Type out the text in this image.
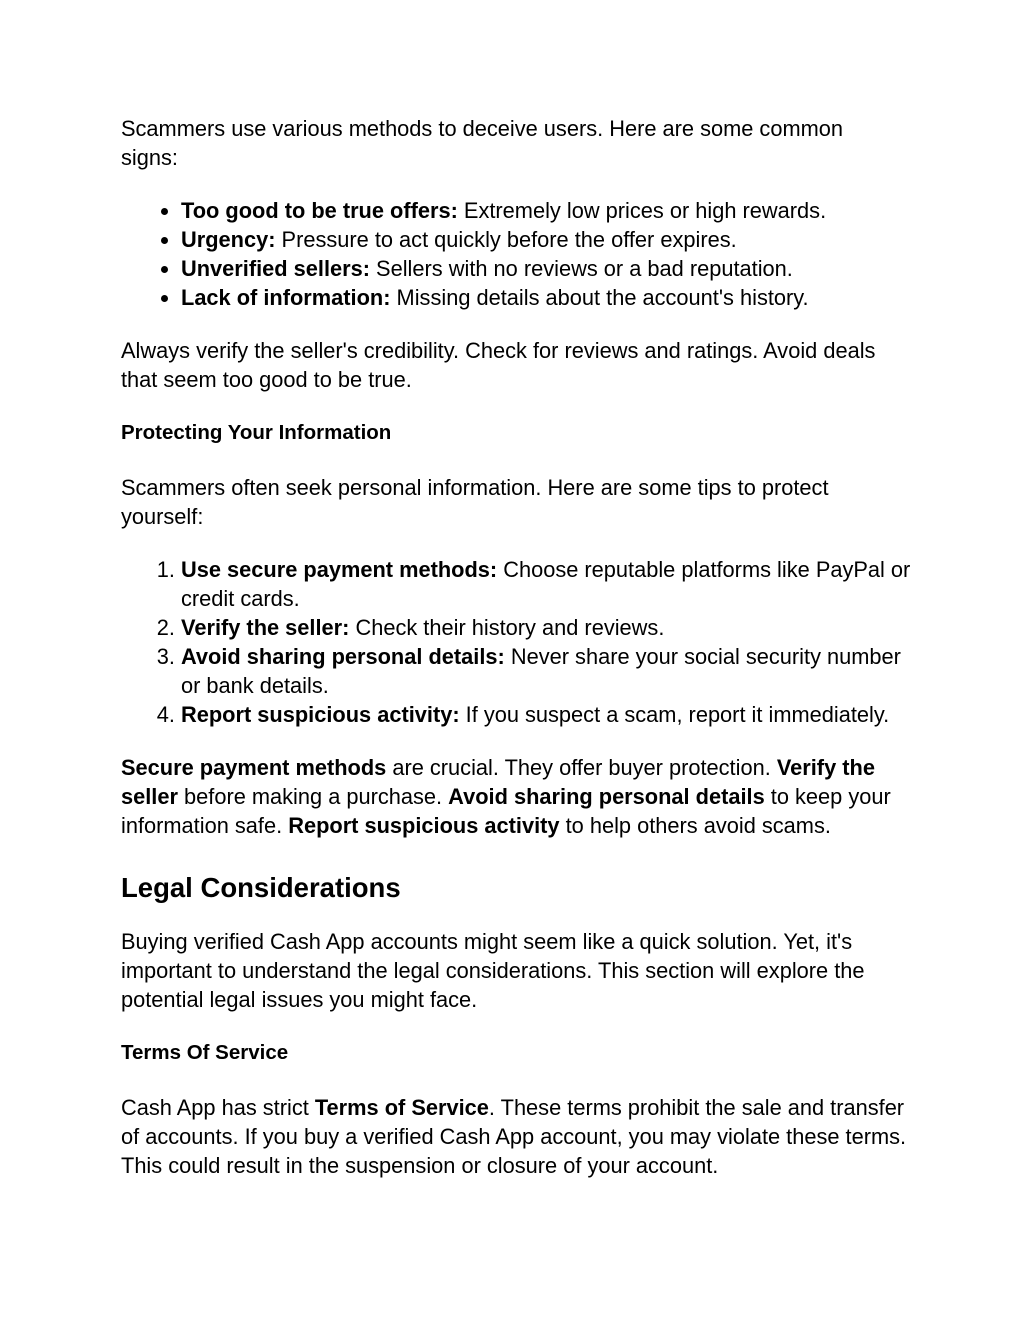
Scammers use various methods to deceive users. Here are some common signs:

• Too good to be true offers: Extremely low prices or high rewards.
• Urgency: Pressure to act quickly before the offer expires.
• Unverified sellers: Sellers with no reviews or a bad reputation.
• Lack of information: Missing details about the account's history.

Always verify the seller's credibility. Check for reviews and ratings. Avoid deals that seem too good to be true.

Protecting Your Information

Scammers often seek personal information. Here are some tips to protect yourself:

1. Use secure payment methods: Choose reputable platforms like PayPal or credit cards.
2. Verify the seller: Check their history and reviews.
3. Avoid sharing personal details: Never share your social security number or bank details.
4. Report suspicious activity: If you suspect a scam, report it immediately.

Secure payment methods are crucial. They offer buyer protection. Verify the seller before making a purchase. Avoid sharing personal details to keep your information safe. Report suspicious activity to help others avoid scams.

Legal Considerations

Buying verified Cash App accounts might seem like a quick solution. Yet, it's important to understand the legal considerations. This section will explore the potential legal issues you might face.

Terms Of Service

Cash App has strict Terms of Service. These terms prohibit the sale and transfer of accounts. If you buy a verified Cash App account, you may violate these terms. This could result in the suspension or closure of your account.
